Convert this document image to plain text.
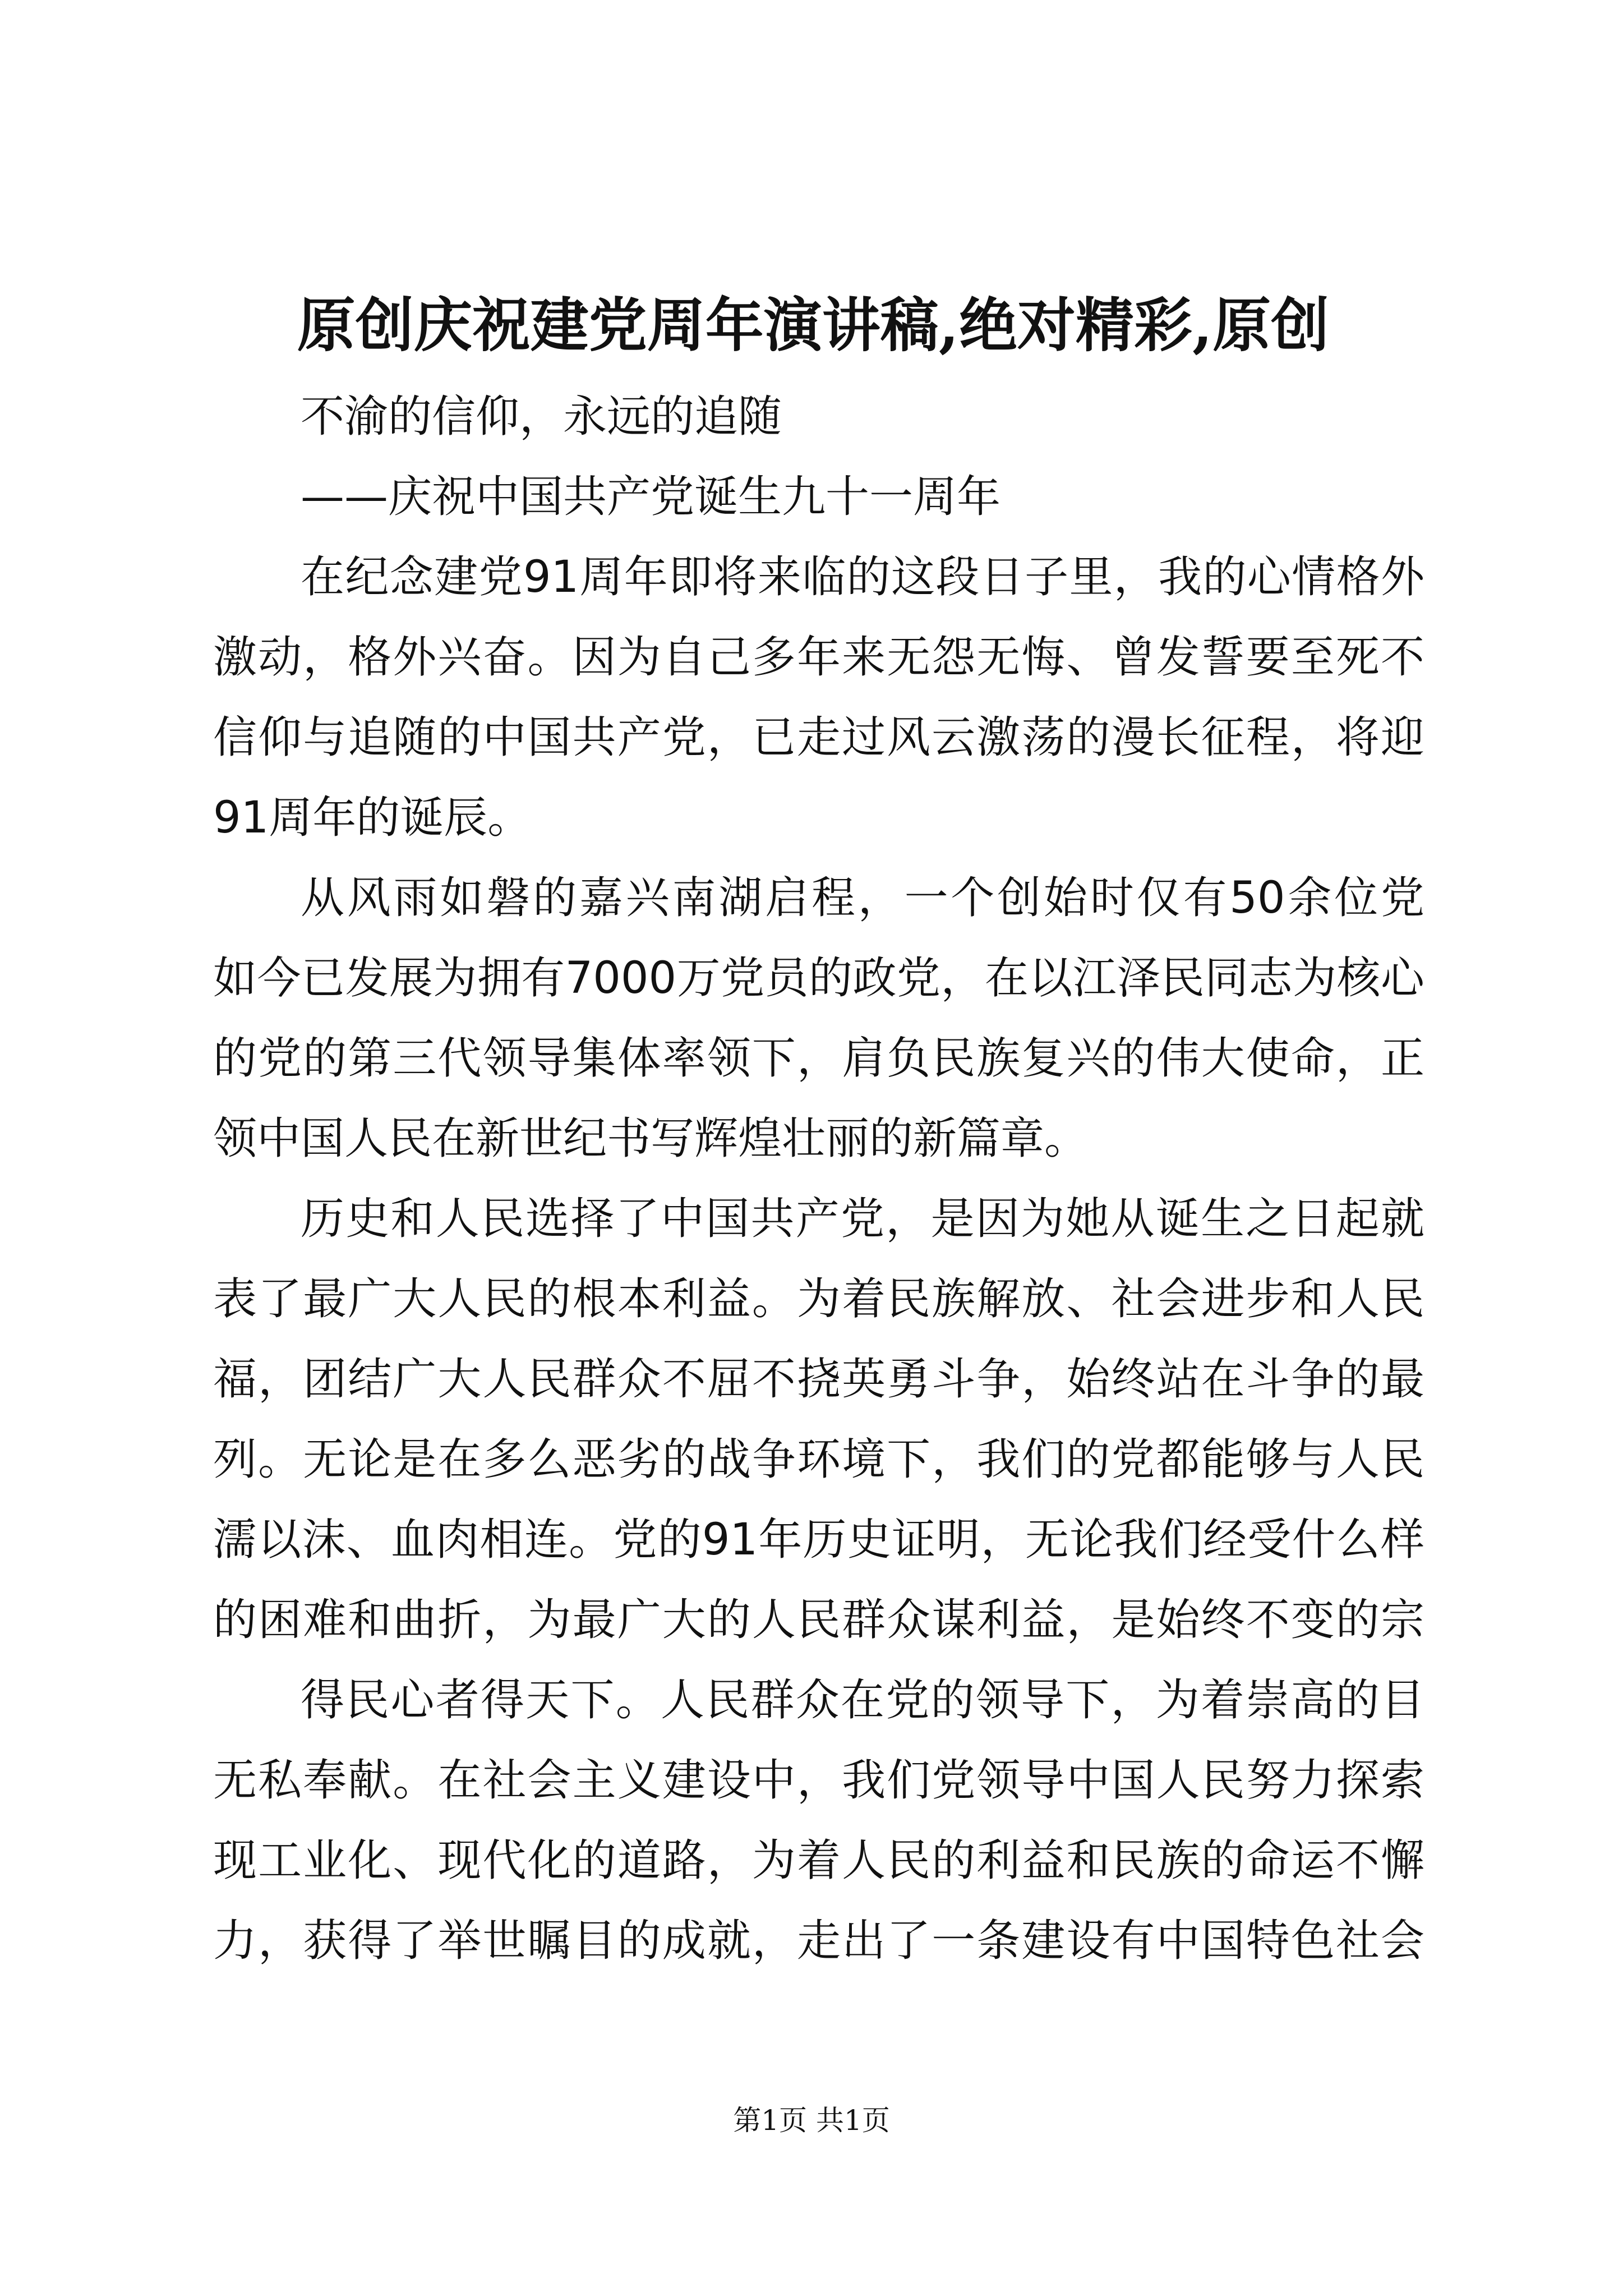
原创庆祝建党周年演讲稿,绝对精彩,原创
不渝的信仰，永远的追随
——庆祝中国共产党诞生九十一周年
在纪念建党91周年即将来临的这段日子里，我的心情格外
激动，格外兴奋。因为自己多年来无怨无悔、曾发誓要至死不
信仰与追随的中国共产党，已走过风云激荡的漫长征程，将迎
91周年的诞辰。
从风雨如磐的嘉兴南湖启程，一个创始时仅有50余位党
如今已发展为拥有7000万党员的政党，在以江泽民同志为核心
的党的第三代领导集体率领下，肩负民族复兴的伟大使命，正
领中国人民在新世纪书写辉煌壮丽的新篇章。
历史和人民选择了中国共产党，是因为她从诞生之日起就
表了最广大人民的根本利益。为着民族解放、社会进步和人民
福，团结广大人民群众不屈不挠英勇斗争，始终站在斗争的最
列。无论是在多么恶劣的战争环境下，我们的党都能够与人民
濡以沫、血肉相连。党的91年历史证明，无论我们经受什么样
的困难和曲折，为最广大的人民群众谋利益，是始终不变的宗
得民心者得天下。人民群众在党的领导下，为着崇高的目
无私奉献。在社会主义建设中，我们党领导中国人民努力探索
现工业化、现代化的道路，为着人民的利益和民族的命运不懈
力，获得了举世瞩目的成就，走出了一条建设有中国特色社会
第1页 共1页
